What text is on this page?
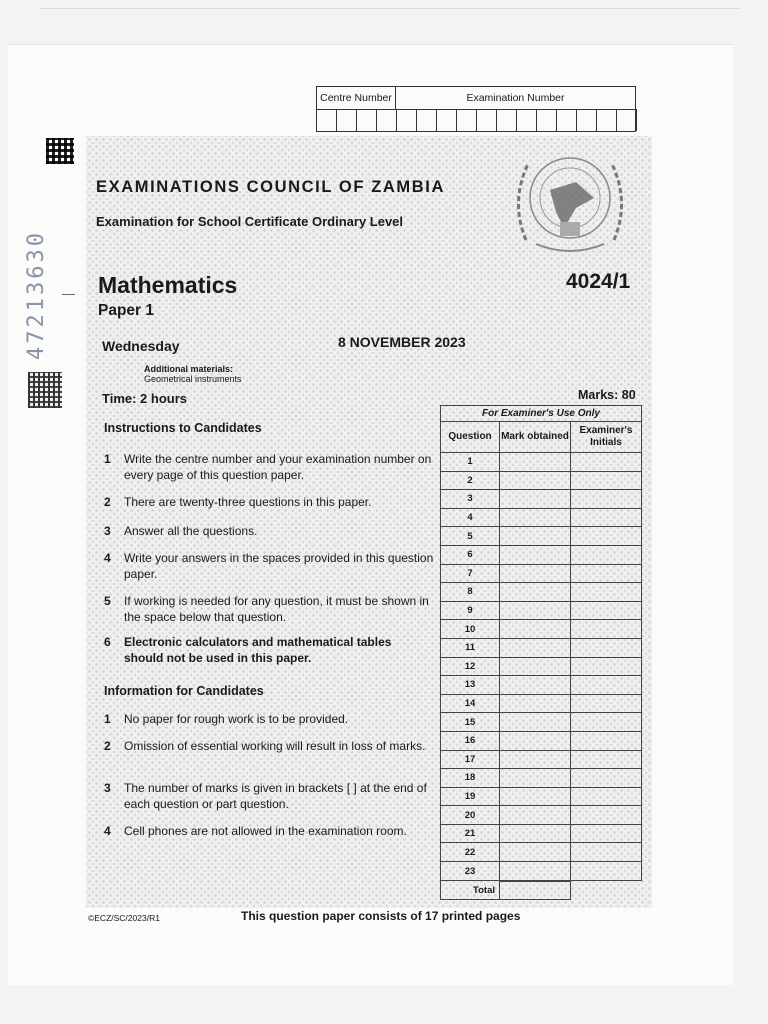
Centre Number	Examination Number
47213630	—
EXAMINATIONS COUNCIL OF ZAMBIA
Examination for School Certificate Ordinary Level
Mathematics
Paper 1
4024/1
Wednesday	8 NOVEMBER 2023
Additional materials:
Geometrical instruments
Time: 2 hours	Marks: 80
Instructions to Candidates
1	Write the centre number and your examination number on every page of this question paper.
2	There are twenty-three questions in this paper.
3	Answer all the questions.
4	Write your answers in the spaces provided in this question paper.
5	If working is needed for any question, it must be shown in the space below that question.
6	Electronic calculators and mathematical tables should not be used in this paper.
Information for Candidates
1	No paper for rough work is to be provided.
2	Omission of essential working will result in loss of marks.
3	The number of marks is given in brackets [ ] at the end of each question or part question.
4	Cell phones are not allowed in the examination room.
For Examiner's Use Only		
Question	Mark obtained	Examiner's Initials
1		
2		
3		
4		
5		
6		
7		
8		
9		
10		
11		
12		
13		
14		
15		
16		
17		
18		
19		
20		
21		
22		
23		
Total		
©ECZ/SC/2023/R1	This question paper consists of 17 printed pages
